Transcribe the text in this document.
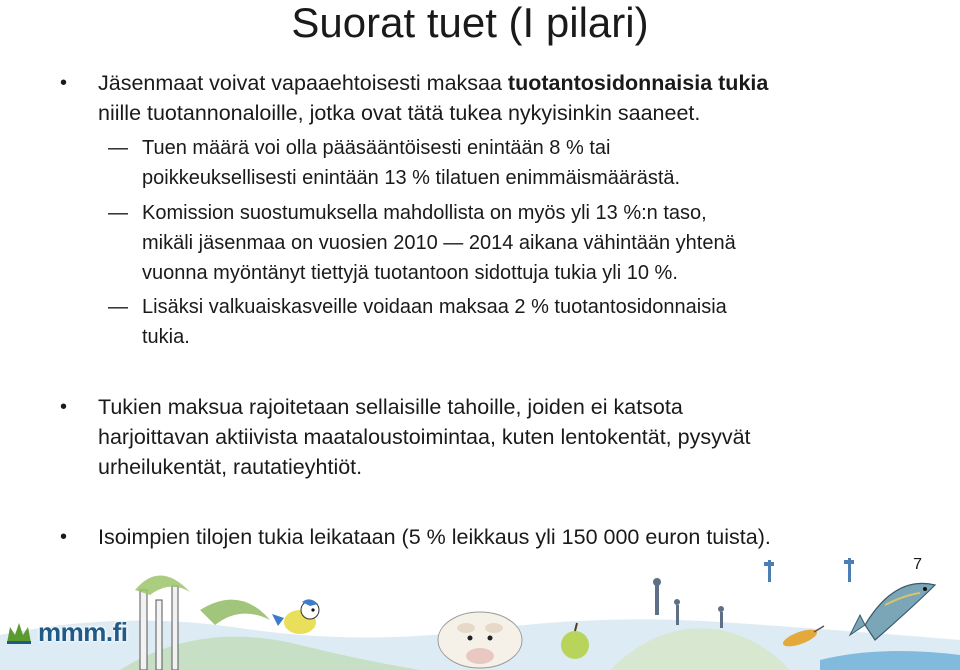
Suorat tuet (I pilari)
• Jäsenmaat voivat vapaaehtoisesti maksaa tuotantosidonnaisia tukia
niille tuotannonaloille, jotka ovat tätä tukea nykyisinkin saaneet.
— Tuen määrä voi olla pääsääntöisesti enintään 8 % tai
poikkeuksellisesti enintään 13 % tilatuen enimmäismäärästä.
— Komission suostumuksella mahdollista on myös yli 13 %:n taso,
mikäli jäsenmaa on vuosien 2010 — 2014 aikana vähintään yhtenä
vuonna myöntänyt tiettyjä tuotantoon sidottuja tukia yli 10 %.
— Lisäksi valkuaiskasveille voidaan maksaa 2 % tuotantosidonnaisia
tukia.
• Tukien maksua rajoitetaan sellaisille tahoille, joiden ei katsota
harjoittavan aktiivista maataloustoimintaa, kuten lentokentät, pysyvät
urheilukentät, rautatieyhtiöt.
• Isoimpien tilojen tukia leikataan (5 % leikkaus yli 150 000 euron tuista).
7
mmm.fi
